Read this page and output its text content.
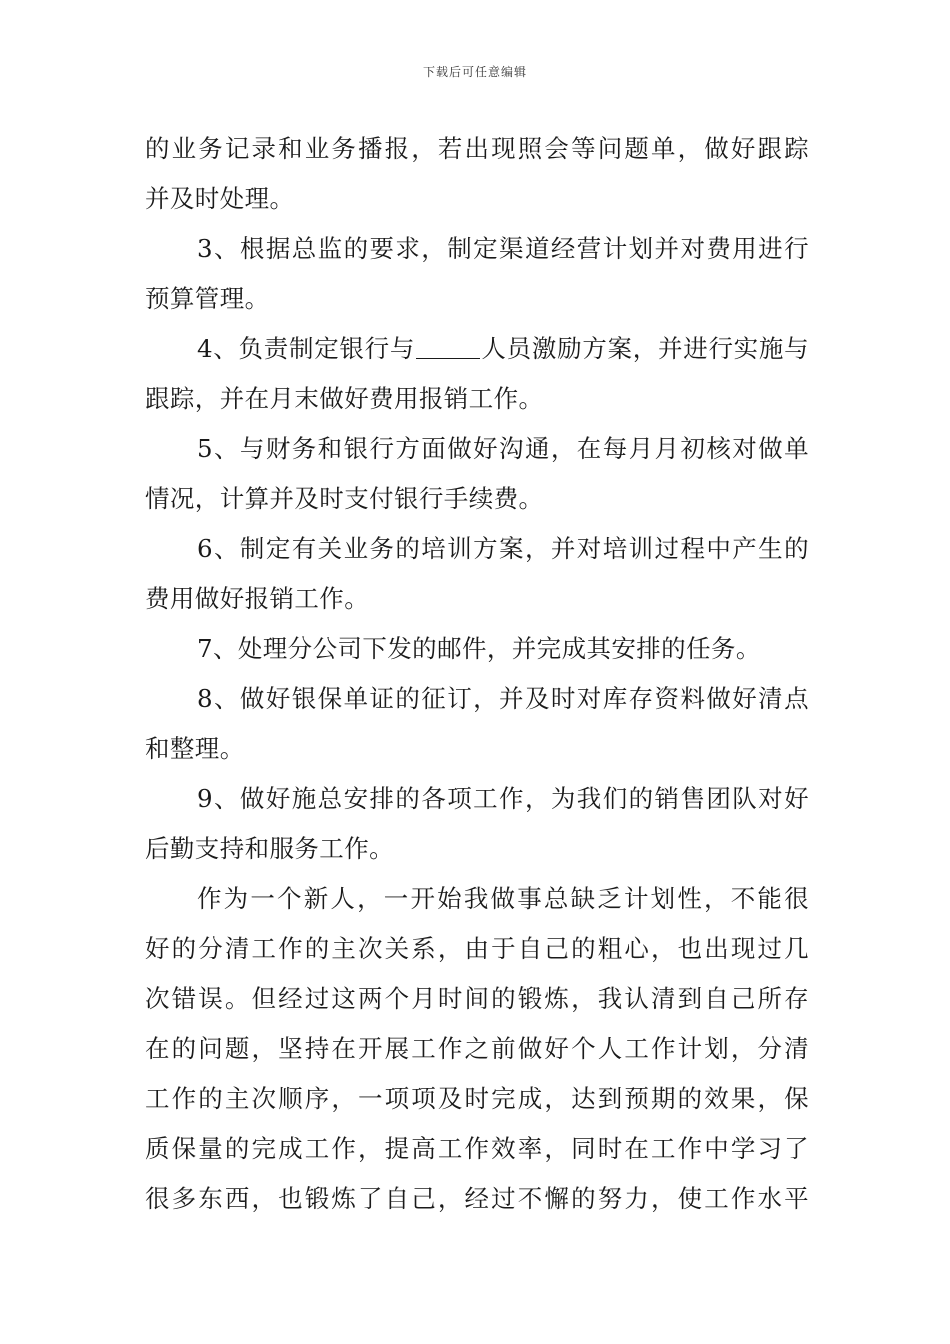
下载后可任意编辑
的业务记录和业务播报，若出现照会等问题单，做好跟踪
并及时处理。
3、根据总监的要求，制定渠道经营计划并对费用进行
预算管理。
4、负责制定银行与	人员激励方案，并进行实施与
跟踪，并在月末做好费用报销工作。
5、与财务和银行方面做好沟通，在每月月初核对做单
情况，计算并及时支付银行手续费。
6、制定有关业务的培训方案，并对培训过程中产生的
费用做好报销工作。
7、处理分公司下发的邮件，并完成其安排的任务。
8、做好银保单证的征订，并及时对库存资料做好清点
和整理。
9、做好施总安排的各项工作，为我们的销售团队对好
后勤支持和服务工作。
作为一个新人，一开始我做事总缺乏计划性，不能很
好的分清工作的主次关系，由于自己的粗心，也出现过几
次错误。但经过这两个月时间的锻炼，我认清到自己所存
在的问题，坚持在开展工作之前做好个人工作计划，分清
工作的主次顺序，一项项及时完成，达到预期的效果，保
质保量的完成工作，提高工作效率，同时在工作中学习了
很多东西，也锻炼了自己，经过不懈的努力，使工作水平
